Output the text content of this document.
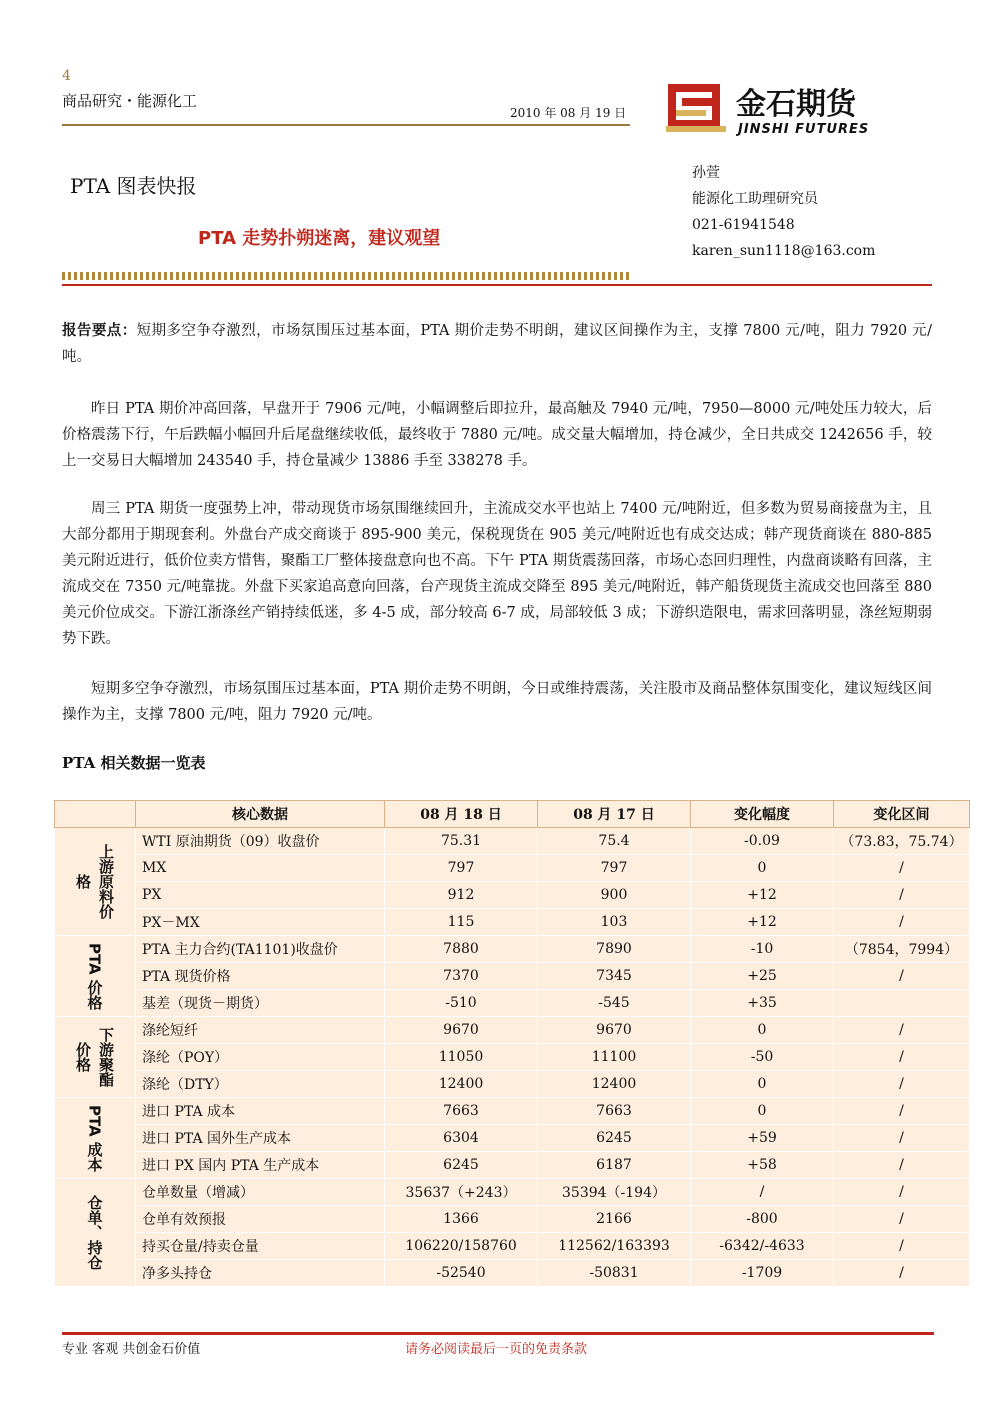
4
商品研究・能源化工
2010 年 08 月 19 日	金石期货
JINSHI FUTURES
PTA 图表快报
PTA 走势扑朔迷离，建议观望
孙萱
能源化工助理研究员
021-61941548
karen_sun1118@163.com
报告要点：短期多空争夺激烈，市场氛围压过基本面，PTA 期价走势不明朗，建议区间操作为主，支撑 7800 元/吨，阻力 7920 元/吨。
昨日 PTA 期价冲高回落，早盘开于 7906 元/吨，小幅调整后即拉升，最高触及 7940 元/吨，7950—8000 元/吨处压力较大，后价格震荡下行，午后跌幅小幅回升后尾盘继续收低，最终收于 7880 元/吨。成交量大幅增加，持仓减少，全日共成交 1242656 手，较上一交易日大幅增加 243540 手，持仓量减少 13886 手至 338278 手。
周三 PTA 期货一度强势上冲，带动现货市场氛围继续回升，主流成交水平也站上 7400 元/吨附近，但多数为贸易商接盘为主，且大部分都用于期现套利。外盘台产成交商谈于 895-900 美元，保税现货在 905 美元/吨附近也有成交达成；韩产现货商谈在 880-885 美元附近进行，低价位卖方惜售，聚酯工厂整体接盘意向也不高。下午 PTA 期货震荡回落，市场心态回归理性，内盘商谈略有回落，主流成交在 7350 元/吨靠拢。外盘下买家追高意向回落，台产现货主流成交降至 895 美元/吨附近，韩产船货现货主流成交也回落至 880 美元价位成交。下游江浙涤丝产销持续低迷，多 4-5 成，部分较高 6-7 成，局部较低 3 成；下游织造限电，需求回落明显，涤丝短期弱势下跌。
短期多空争夺激烈，市场氛围压过基本面，PTA 期价走势不明朗，今日或维持震荡，关注股市及商品整体氛围变化，建议短线区间操作为主，支撑 7800 元/吨，阻力 7920 元/吨。
PTA 相关数据一览表
	核心数据	08 月 18 日	08 月 17 日	变化幅度	变化区间

上游原料价
格	WTI 原油期货（09）收盘价	75.31	75.4	-0.09	（73.83，75.74）
	MX	797	797	0	/
	PX	912	900	+12	/
	PX－MX	115	103	+12	/

PTA 价格	PTA 主力合约(TA1101)收盘价	7880	7890	-10	（7854，7994）
	PTA 现货价格	7370	7345	+25	/
	基差（现货－期货）	-510	-545	+35	

下游聚酯
价格	涤纶短纤	9670	9670	0	/
	涤纶（POY）	11050	11100	-50	/
	涤纶（DTY）	12400	12400	0	/

PTA 成本	进口 PTA 成本	7663	7663	0	/
	进口 PTA 国外生产成本	6304	6245	+59	/
	进口 PX 国内 PTA 生产成本	6245	6187	+58	/

仓单、持仓	仓单数量（增减）	35637（+243）	35394（-194）	/	/
	仓单有效预报	1366	2166	-800	/
	持买仓量/持卖仓量	106220/158760	112562/163393	-6342/-4633	/
	净多头持仓	-52540	-50831	-1709	/
专业 客观 共创金石价值	请务必阅读最后一页的免责条款
